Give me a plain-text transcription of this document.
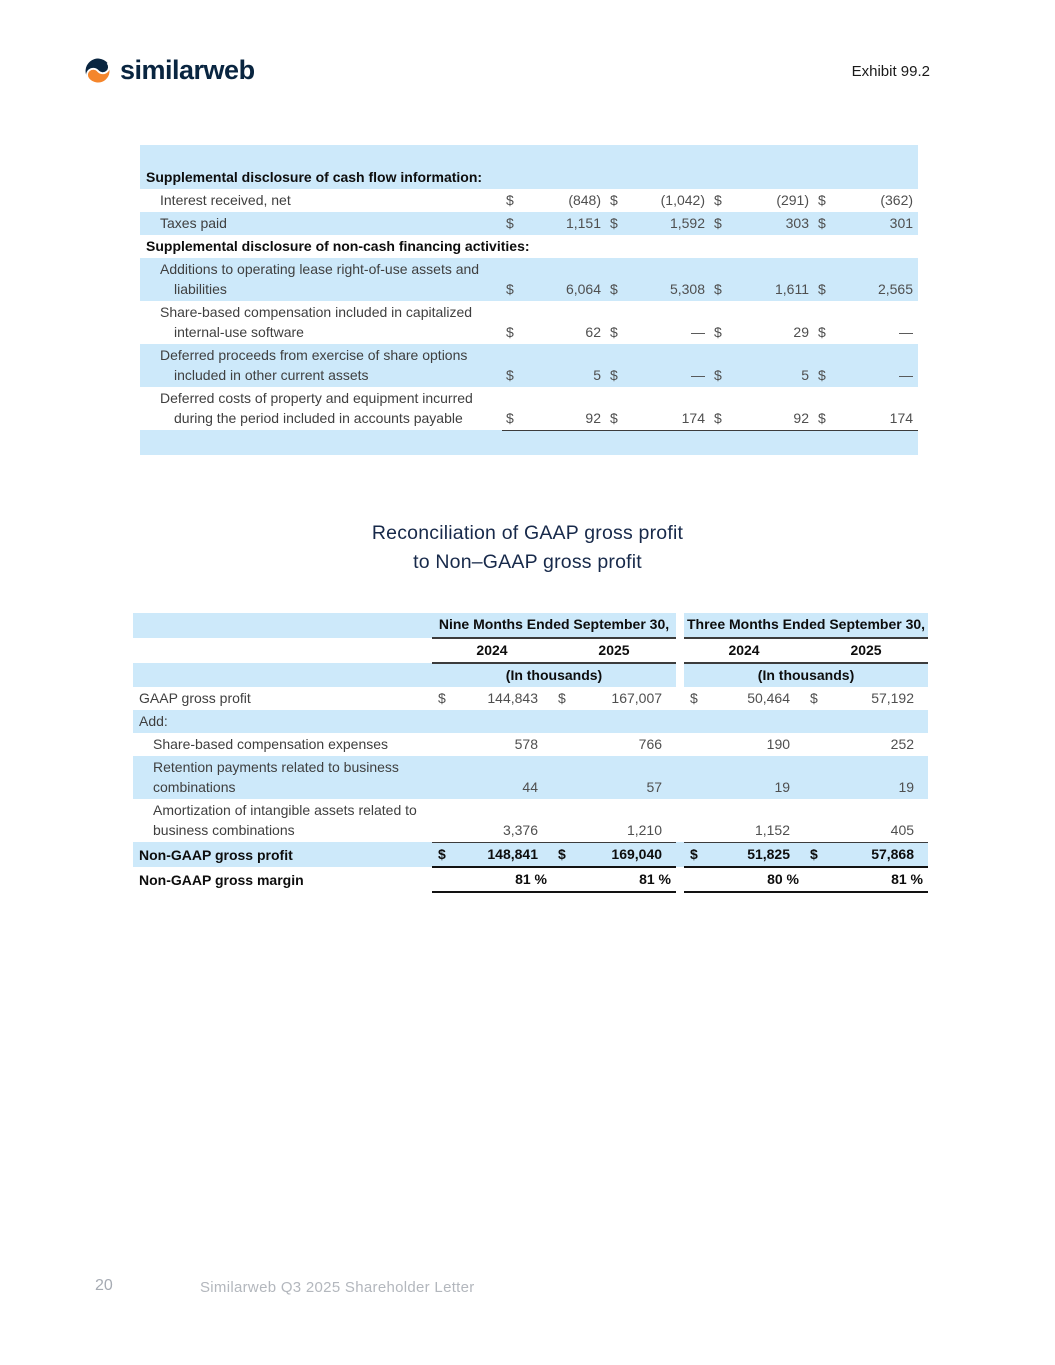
similarweb	Exhibit 99.2

Supplemental disclosure of cash flow information:				
Interest received, net	$ (848)	$ (1,042)	$ (291)	$ (362)
Taxes paid	$ 1,151	$ 1,592	$ 303	$ 301
Supplemental disclosure of non-cash financing activities:				
Additions to operating lease right-of-use assets and liabilities	$ 6,064	$ 5,308	$ 1,611	$ 2,565
Share-based compensation included in capitalized internal-use software	$ 62	$ —	$ 29	$ —
Deferred proceeds from exercise of share options included in other current assets	$ 5	$ —	$ 5	$ —
Deferred costs of property and equipment incurred during the period included in accounts payable	$ 92	$ 174	$ 92	$ 174

Reconciliation of GAAP gross profit
to Non–GAAP gross profit
	Nine Months Ended September 30,			Three Months Ended September 30,	
	2024	2025		2024	2025
	(In thousands)			(In thousands)	
GAAP gross profit	$ 144,843	$ 167,007		$ 50,464	$ 57,192
Add:					
Share-based compensation expenses	578	766		190	252
Retention payments related to business combinations	44	57		19	19
Amortization of intangible assets related to business combinations	3,376	1,210		1,152	405
Non-GAAP gross profit	$ 148,841	$ 169,040		$ 51,825	$ 57,868
Non-GAAP gross margin	81 %	81 %		80 %	81 %
20	Similarweb Q3 2025 Shareholder Letter
